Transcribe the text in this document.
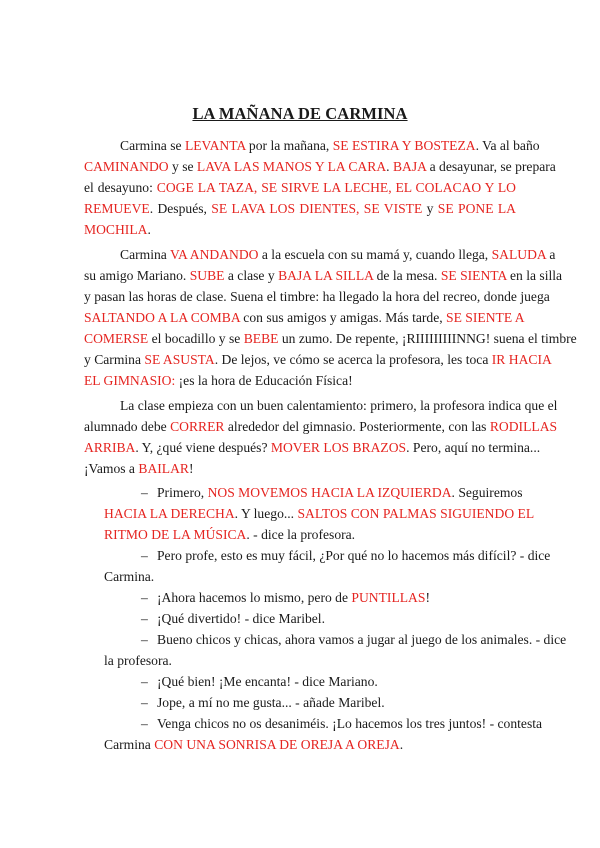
LA MAÑANA DE CARMINA
Carmina se LEVANTA por la mañana, SE ESTIRA Y BOSTEZA. Va al baño
CAMINANDO y se LAVA LAS MANOS Y LA CARA. BAJA a desayunar, se prepara
el desayuno: COGE LA TAZA, SE SIRVE LA LECHE, EL COLACAO Y LO
REMUEVE. Después, SE LAVA LOS DIENTES, SE VISTE y SE PONE LA
MOCHILA.
Carmina VA ANDANDO a la escuela con su mamá y, cuando llega, SALUDA a
su amigo Mariano. SUBE a clase y BAJA LA SILLA de la mesa. SE SIENTA en la silla
y pasan las horas de clase. Suena el timbre: ha llegado la hora del recreo, donde juega
SALTANDO A LA COMBA con sus amigos y amigas. Más tarde, SE SIENTE A
COMERSE el bocadillo y se BEBE un zumo. De repente, ¡RIIIIIIIIINNG! suena el timbre
y Carmina SE ASUSTA. De lejos, ve cómo se acerca la profesora, les toca IR HACIA
EL GIMNASIO: ¡es la hora de Educación Física!
La clase empieza con un buen calentamiento: primero, la profesora indica que el
alumnado debe CORRER alrededor del gimnasio. Posteriormente, con las RODILLAS
ARRIBA. Y, ¿qué viene después? MOVER LOS BRAZOS. Pero, aquí no termina...
¡Vamos a BAILAR!
– Primero, NOS MOVEMOS HACIA LA IZQUIERDA. Seguiremos
HACIA LA DERECHA. Y luego... SALTOS CON PALMAS SIGUIENDO EL
RITMO DE LA MÚSICA. - dice la profesora.
– Pero profe, esto es muy fácil, ¿Por qué no lo hacemos más difícil? - dice
Carmina.
– ¡Ahora hacemos lo mismo, pero de PUNTILLAS!
– ¡Qué divertido! - dice Maribel.
– Bueno chicos y chicas, ahora vamos a jugar al juego de los animales. - dice
la profesora.
– ¡Qué bien! ¡Me encanta! - dice Mariano.
– Jope, a mí no me gusta... - añade Maribel.
– Venga chicos no os desaniméis. ¡Lo hacemos los tres juntos! - contesta
Carmina CON UNA SONRISA DE OREJA A OREJA.
